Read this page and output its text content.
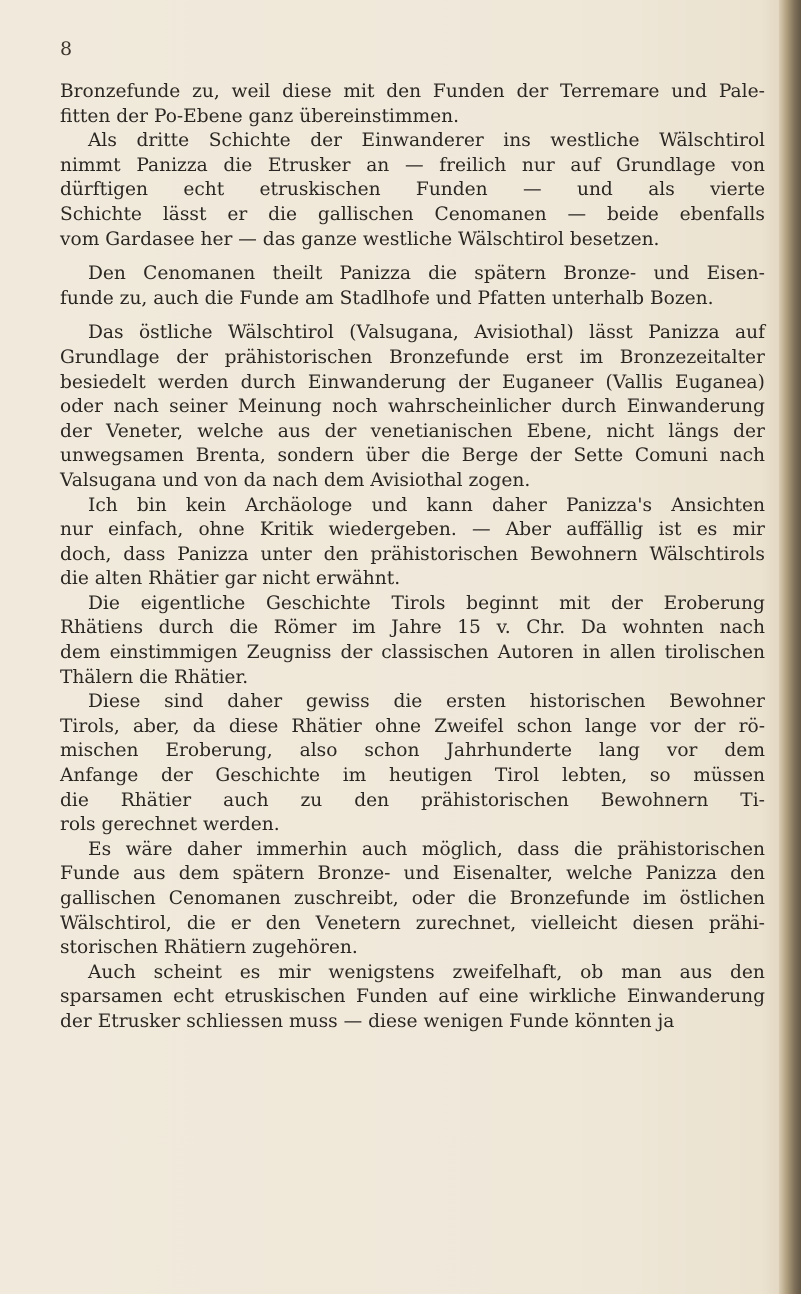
8
Bronzefunde zu, weil diese mit den Funden der Terremare und Pale-
fitten der Po-Ebene ganz übereinstimmen.
Als dritte Schichte der Einwanderer ins westliche Wälschtirol
nimmt Panizza die Etrusker an — freilich nur auf Grundlage von
dürftigen echt etruskischen Funden — und als vierte
Schichte lässt er die gallischen Cenomanen — beide ebenfalls
vom Gardasee her — das ganze westliche Wälschtirol besetzen.
Den Cenomanen theilt Panizza die spätern Bronze- und Eisen-
funde zu, auch die Funde am Stadlhofe und Pfatten unterhalb Bozen.
Das östliche Wälschtirol (Valsugana, Avisiothal) lässt Panizza auf
Grundlage der prähistorischen Bronzefunde erst im Bronzezeitalter
besiedelt werden durch Einwanderung der Euganeer (Vallis Euganea)
oder nach seiner Meinung noch wahrscheinlicher durch Einwanderung
der Veneter, welche aus der venetianischen Ebene, nicht längs der
unwegsamen Brenta, sondern über die Berge der Sette Comuni nach
Valsugana und von da nach dem Avisiothal zogen.
Ich bin kein Archäologe und kann daher Panizza's Ansichten
nur einfach, ohne Kritik wiedergeben. — Aber auffällig ist es mir
doch, dass Panizza unter den prähistorischen Bewohnern Wälschtirols
die alten Rhätier gar nicht erwähnt.
Die eigentliche Geschichte Tirols beginnt mit der Eroberung
Rhätiens durch die Römer im Jahre 15 v. Chr. Da wohnten nach
dem einstimmigen Zeugniss der classischen Autoren in allen tirolischen
Thälern die Rhätier.
Diese sind daher gewiss die ersten historischen Bewohner
Tirols, aber, da diese Rhätier ohne Zweifel schon lange vor der rö-
mischen Eroberung, also schon Jahrhunderte lang vor dem
Anfange der Geschichte im heutigen Tirol lebten, so müssen
die Rhätier auch zu den prähistorischen Bewohnern Ti-
rols gerechnet werden.
Es wäre daher immerhin auch möglich, dass die prähistorischen
Funde aus dem spätern Bronze- und Eisenalter, welche Panizza den
gallischen Cenomanen zuschreibt, oder die Bronzefunde im östlichen
Wälschtirol, die er den Venetern zurechnet, vielleicht diesen prähi-
storischen Rhätiern zugehören.
Auch scheint es mir wenigstens zweifelhaft, ob man aus den
sparsamen echt etruskischen Funden auf eine wirkliche Einwanderung
der Etrusker schliessen muss — diese wenigen Funde könnten ja
